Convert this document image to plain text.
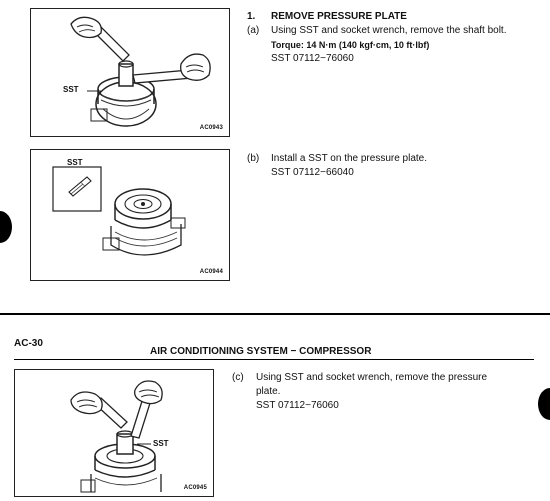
SST
AC0943
1. REMOVE PRESSURE PLATE
(a) Using SST and socket wrench, remove the shaft bolt.
Torque: 14 N·m (140 kgf·cm, 10 ft·lbf)
SST 07112−76060
SST
AC0944
(b) Install a SST on the pressure plate.
SST 07112−66040
AC-30
AIR CONDITIONING SYSTEM − COMPRESSOR
SST
AC0945
(c) Using SST and socket wrench, remove the pressure
plate.
SST 07112−76060
